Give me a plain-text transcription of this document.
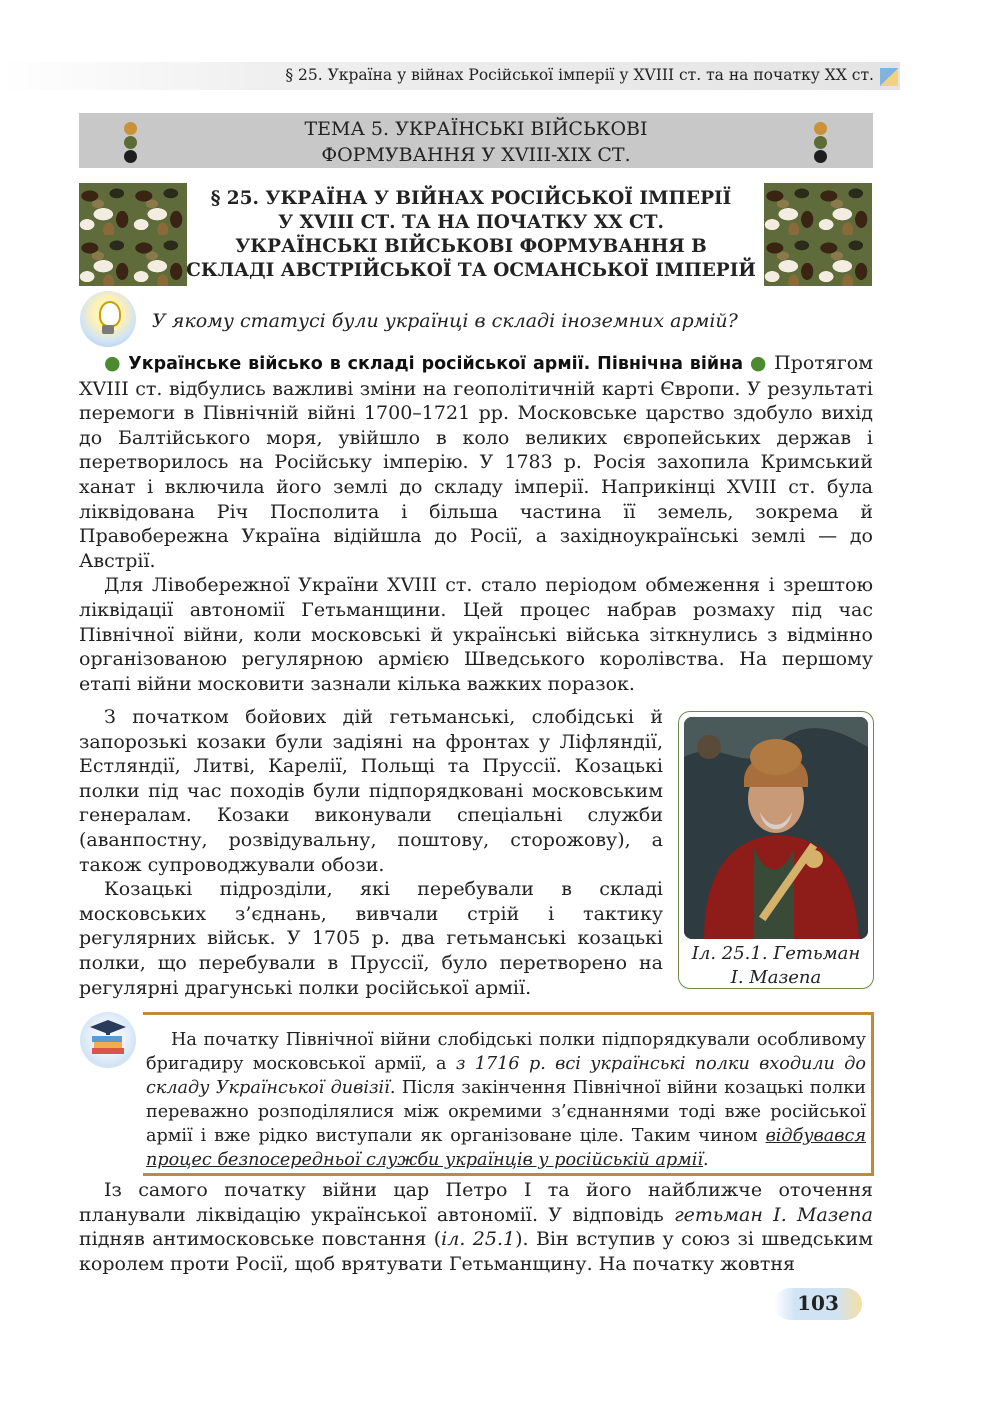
§ 25. Україна у війнах Російської імперії у XVIII ст. та на початку XX ст.
ТЕМА 5. УКРАЇНСЬКІ ВІЙСЬКОВІ
ФОРМУВАННЯ У XVIII-XIX СТ.
§ 25. УКРАЇНА У ВІЙНАХ РОСІЙСЬКОЇ ІМПЕРІЇ
У XVIII СТ. ТА НА ПОЧАТКУ XX СТ.
УКРАЇНСЬКІ ВІЙСЬКОВІ ФОРМУВАННЯ В
СКЛАДІ АВСТРІЙСЬКОЇ ТА ОСМАНСЬКОЇ ІМПЕРІЙ
У якому статусі були українці в складі іноземних армій?

● Українське військо в складі російської армії. Північна війна ● Протягом XVIII ст. відбулись важливі зміни на геополітичній карті Європи. У результаті перемоги в Північній війні 1700–1721 рр. Московське царство здобуло вихід до Балтійського моря, увійшло в коло великих європейських держав і перетворилось на Російську імперію. У 1783 р. Росія захопила Кримський ханат і включила його землі до складу імперії. Наприкінці XVIII ст. була ліквідована Річ Посполита і більша частина її земель, зокрема й Правобережна Україна відійшла до Росії, а західноукраїнські землі — до Австрії.

Для Лівобережної України XVIII ст. стало періодом обмеження і зрештою ліквідації автономії Гетьманщини. Цей процес набрав розмаху під час Північної війни, коли московські й українські війська зіткнулись з відмінно організованою регулярною армією Шведського королівства. На першому етапі війни московити зазнали кілька важких поразок.

З початком бойових дій гетьманські, слобідські й запорозькі козаки були задіяні на фронтах у Ліфляндії, Естляндії, Литві, Карелії, Польщі та Пруссії. Козацькі полки під час походів були підпорядковані московським генералам. Козаки виконували спеціальні служби (аванпостну, розвідувальну, поштову, сторожову), а також супроводжували обози.

Козацькі підрозділи, які перебували в складі московських з’єднань, вивчали стрій і тактику регулярних військ. У 1705 р. два гетьманські козацькі полки, що перебували в Пруссії, було перетворено на регулярні драгунські полки російської армії.

Іл. 25.1. Гетьман
І. Мазепа

На початку Північної війни слобідські полки підпорядкували особливому бригадиру московської армії, а з 1716 р. всі українські полки входили до складу Української дивізії. Після закінчення Північної війни козацькі полки переважно розподілялися між окремими з’єднаннями тоді вже російської армії і вже рідко виступали як організоване ціле. Таким чином відбувався процес безпосередньої служби українців у російській армії.

Із самого початку війни цар Петро І та його найближче оточення планували ліквідацію української автономії. У відповідь гетьман І. Мазепа підняв антимосковське повстання (іл. 25.1). Він вступив у союз зі шведським королем проти Росії, щоб врятувати Гетьманщину. На початку жовтня

103
